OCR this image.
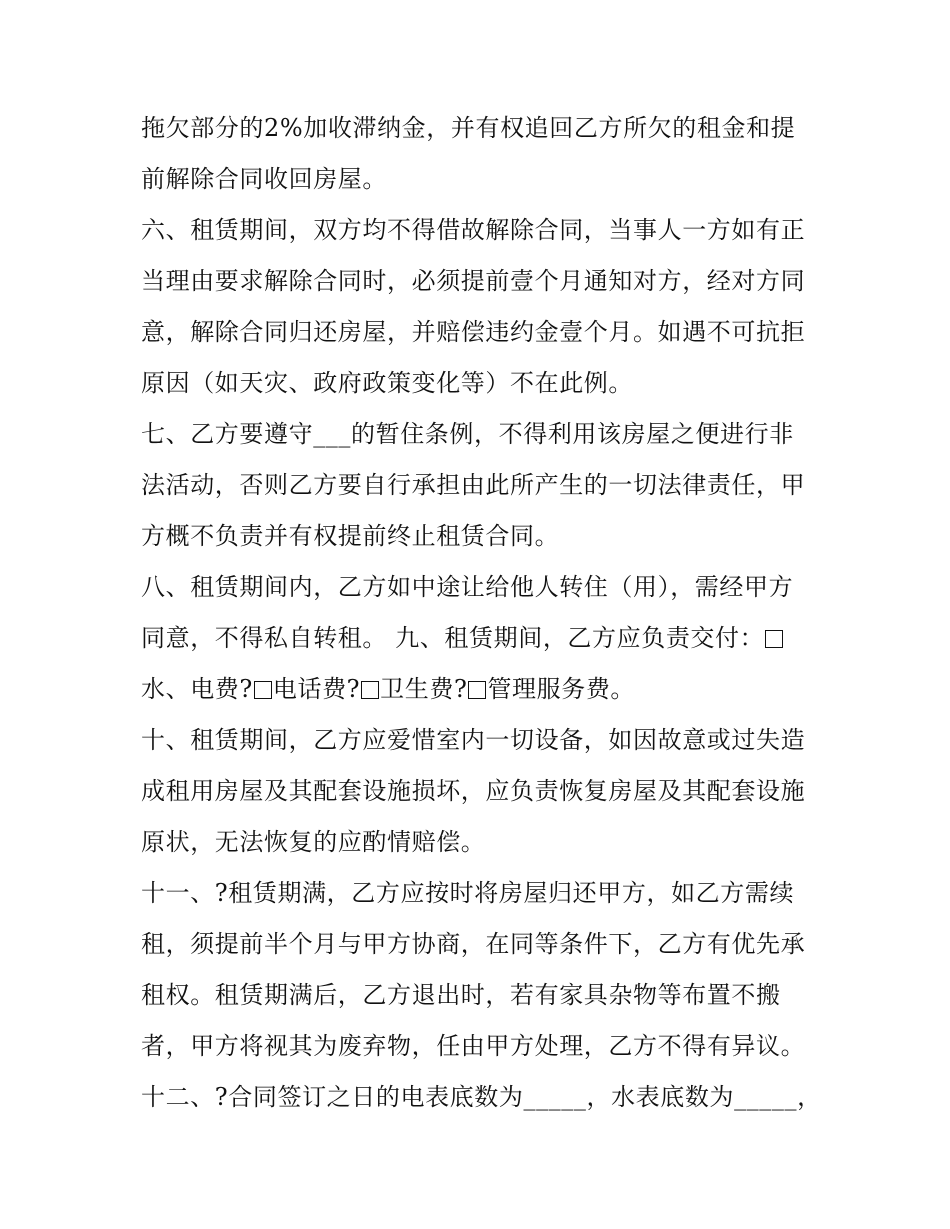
拖欠部分的2%加收滞纳金，并有权追回乙方所欠的租金和提
前解除合同收回房屋。
六、租赁期间，双方均不得借故解除合同，当事人一方如有正
当理由要求解除合同时，必须提前壹个月通知对方，经对方同
意，解除合同归还房屋，并赔偿违约金壹个月。如遇不可抗拒
原因（如天灾、政府政策变化等）不在此例。
七、乙方要遵守___的暂住条例，不得利用该房屋之便进行非
法活动，否则乙方要自行承担由此所产生的一切法律责任，甲
方概不负责并有权提前终止租赁合同。
八、租赁期间内，乙方如中途让给他人转住（用），需经甲方
同意，不得私自转租。 九、租赁期间，乙方应负责交付：
水、电费? 电话费? 卫生费? 管理服务费。
十、租赁期间，乙方应爱惜室内一切设备，如因故意或过失造
成租用房屋及其配套设施损坏，应负责恢复房屋及其配套设施
原状，无法恢复的应酌情赔偿。
十一、?租赁期满，乙方应按时将房屋归还甲方，如乙方需续
租，须提前半个月与甲方协商，在同等条件下，乙方有优先承
租权。租赁期满后，乙方退出时，若有家具杂物等布置不搬
者，甲方将视其为废弃物，任由甲方处理，乙方不得有异议。
十二、?合同签订之日的电表底数为_____，水表底数为_____，
